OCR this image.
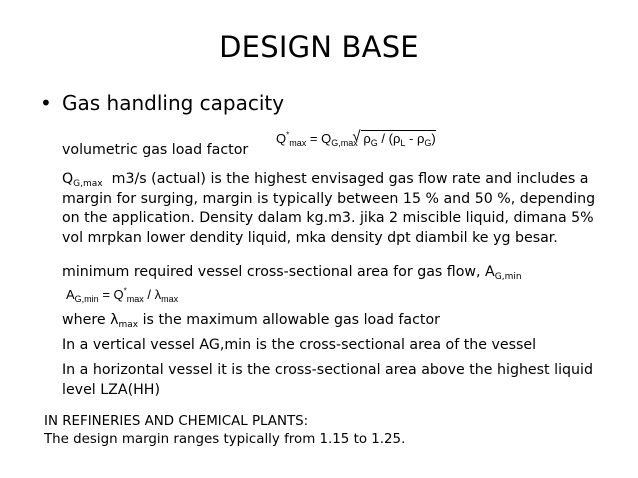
DESIGN BASE
• Gas handling capacity
volumetric gas load factor
$Q^*_{max} = Q_{G,max}$
√ $\rho_G / (\rho_L - \rho_G)$
$Q_{G,max}$ m3/s (actual) is the highest envisaged gas flow rate and includes a
margin for surging, margin is typically between 15 % and 50 %, depending
on the application. Density dalam kg.m3. jika 2 miscible liquid, dimana 5%
vol mrpkan lower dendity liquid, mka density dpt diambil ke yg besar.
minimum required vessel cross-sectional area for gas flow, $A_{G,min}$
$A_{G,min} = Q^*_{max} / \lambda_{max}$
where $\lambda_{max}$ is the maximum allowable gas load factor
In a vertical vessel AG,min is the cross-sectional area of the vessel
In a horizontal vessel it is the cross-sectional area above the highest liquid
level LZA(HH)
IN REFINERIES AND CHEMICAL PLANTS:
The design margin ranges typically from 1.15 to 1.25.
